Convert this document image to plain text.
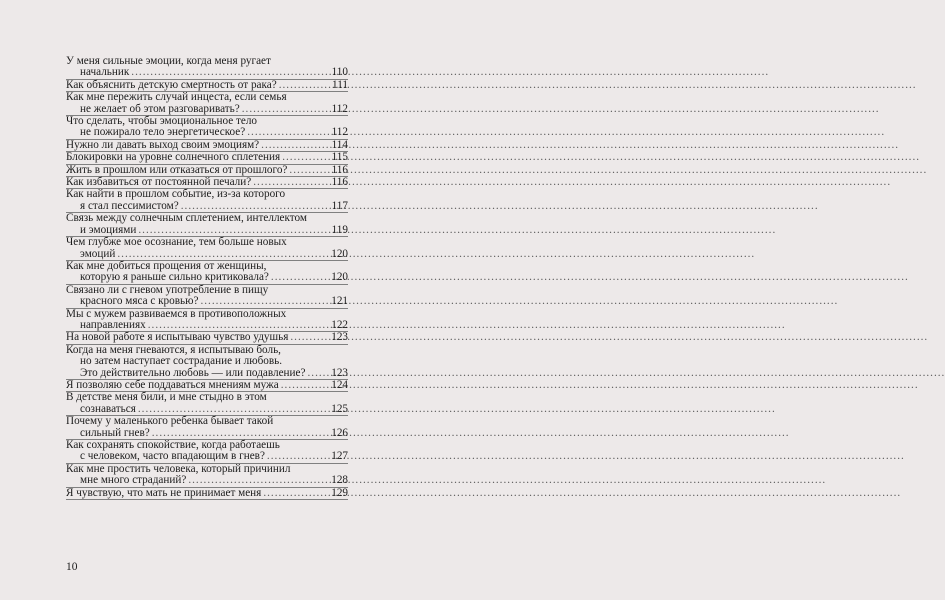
У меня сильные эмоции, когда меня ругает
начальник .....	110
Как объяснить детскую смертность от рака? .....	111
Как мне пережить случай инцеста, если семья
не желает об этом разговаривать? .....	112
Что сделать, чтобы эмоциональное тело
не пожирало тело энергетическое? .....	112
Нужно ли давать выход своим эмоциям? .....	114
Блокировки на уровне солнечного сплетения .....	115
Жить в прошлом или отказаться от прошлого? .....	116
Как избавиться от постоянной печали? .....	116
Как найти в прошлом событие, из-за которого
я стал пессимистом? .....	117
Связь между солнечным сплетением, интеллектом
и эмоциями .....	119
Чем глубже мое осознание, тем больше новых
эмоций .....	120
Как мне добиться прощения от женщины,
которую я раньше сильно критиковала? .....	120
Связано ли с гневом употребление в пищу
красного мяса с кровью? .....	121
Мы с мужем развиваемся в противоположных
направлениях .....	122
На новой работе я испытываю чувство удушья .....	123
Когда на меня гневаются, я испытываю боль,
но затем наступает сострадание и любовь.
Это действительно любовь — или подавление? ..... 123
Я позволяю себе поддаваться мнениям мужа .....	124
В детстве меня били, и мне стыдно в этом
сознаваться .....	125
Почему у маленького ребенка бывает такой
сильный гнев? .....	126
Как сохранять спокойствие, когда работаешь
с человеком, часто впадающим в гнев? .....	127
Как мне простить человека, который причинил
мне много страданий? .....	128
Я чувствую, что мать не принимает меня .....	129
10
